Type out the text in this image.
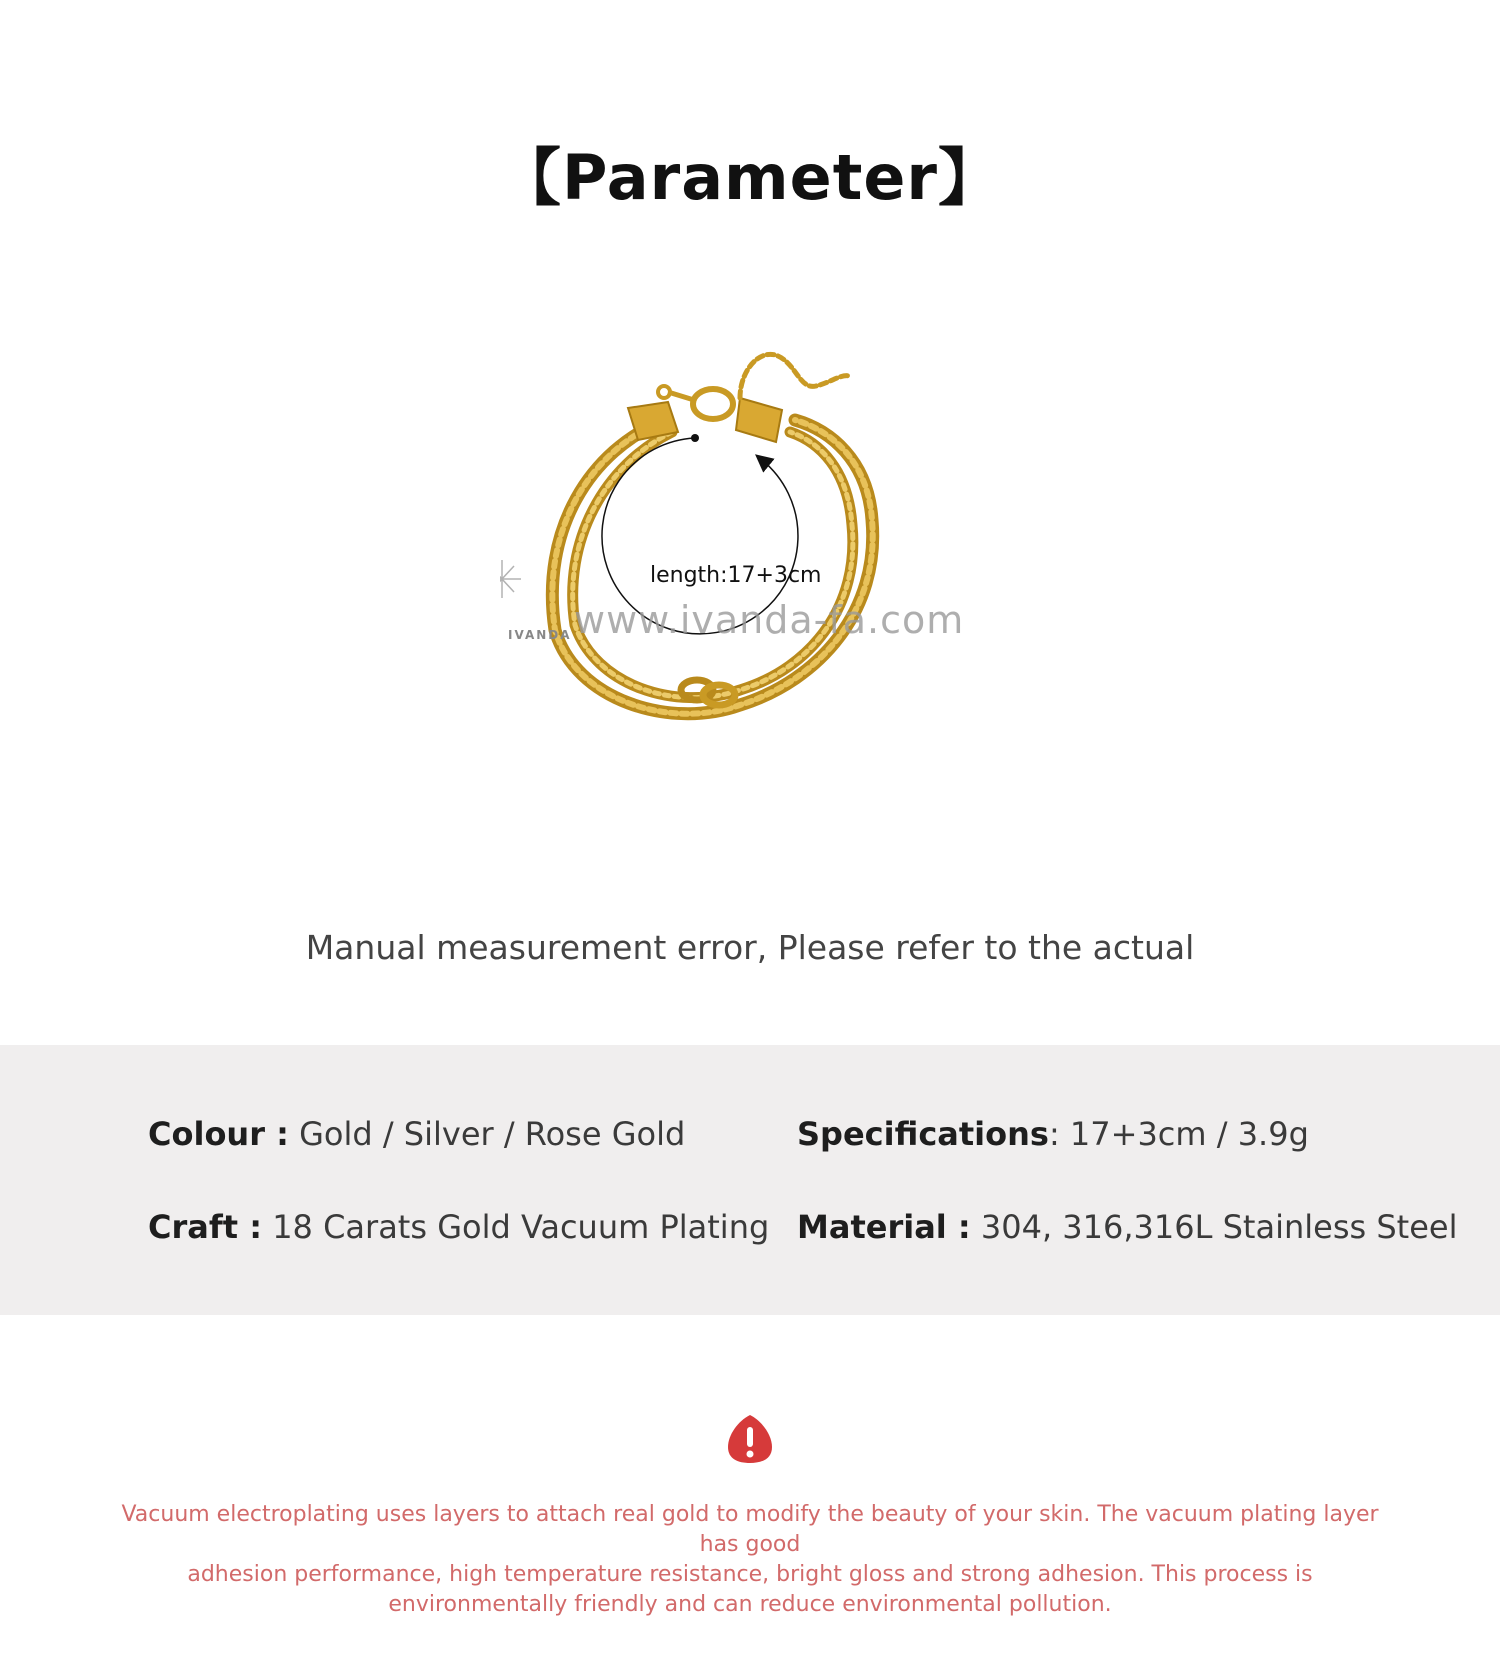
【Parameter】
length:17+3cm
www.ivanda-fa.com
IVANDA
Manual measurement error, Please refer to the actual
Colour : Gold / Silver / Rose Gold	Specifications: 17+3cm / 3.9g
Craft : 18 Carats Gold Vacuum Plating Material : 304, 316,316L Stainless Steel
Vacuum electroplating uses layers to attach real gold to modify the beauty of your skin. The vacuum plating layer has good
adhesion performance, high temperature resistance, bright gloss and strong adhesion. This process is
environmentally friendly and can reduce environmental pollution.
